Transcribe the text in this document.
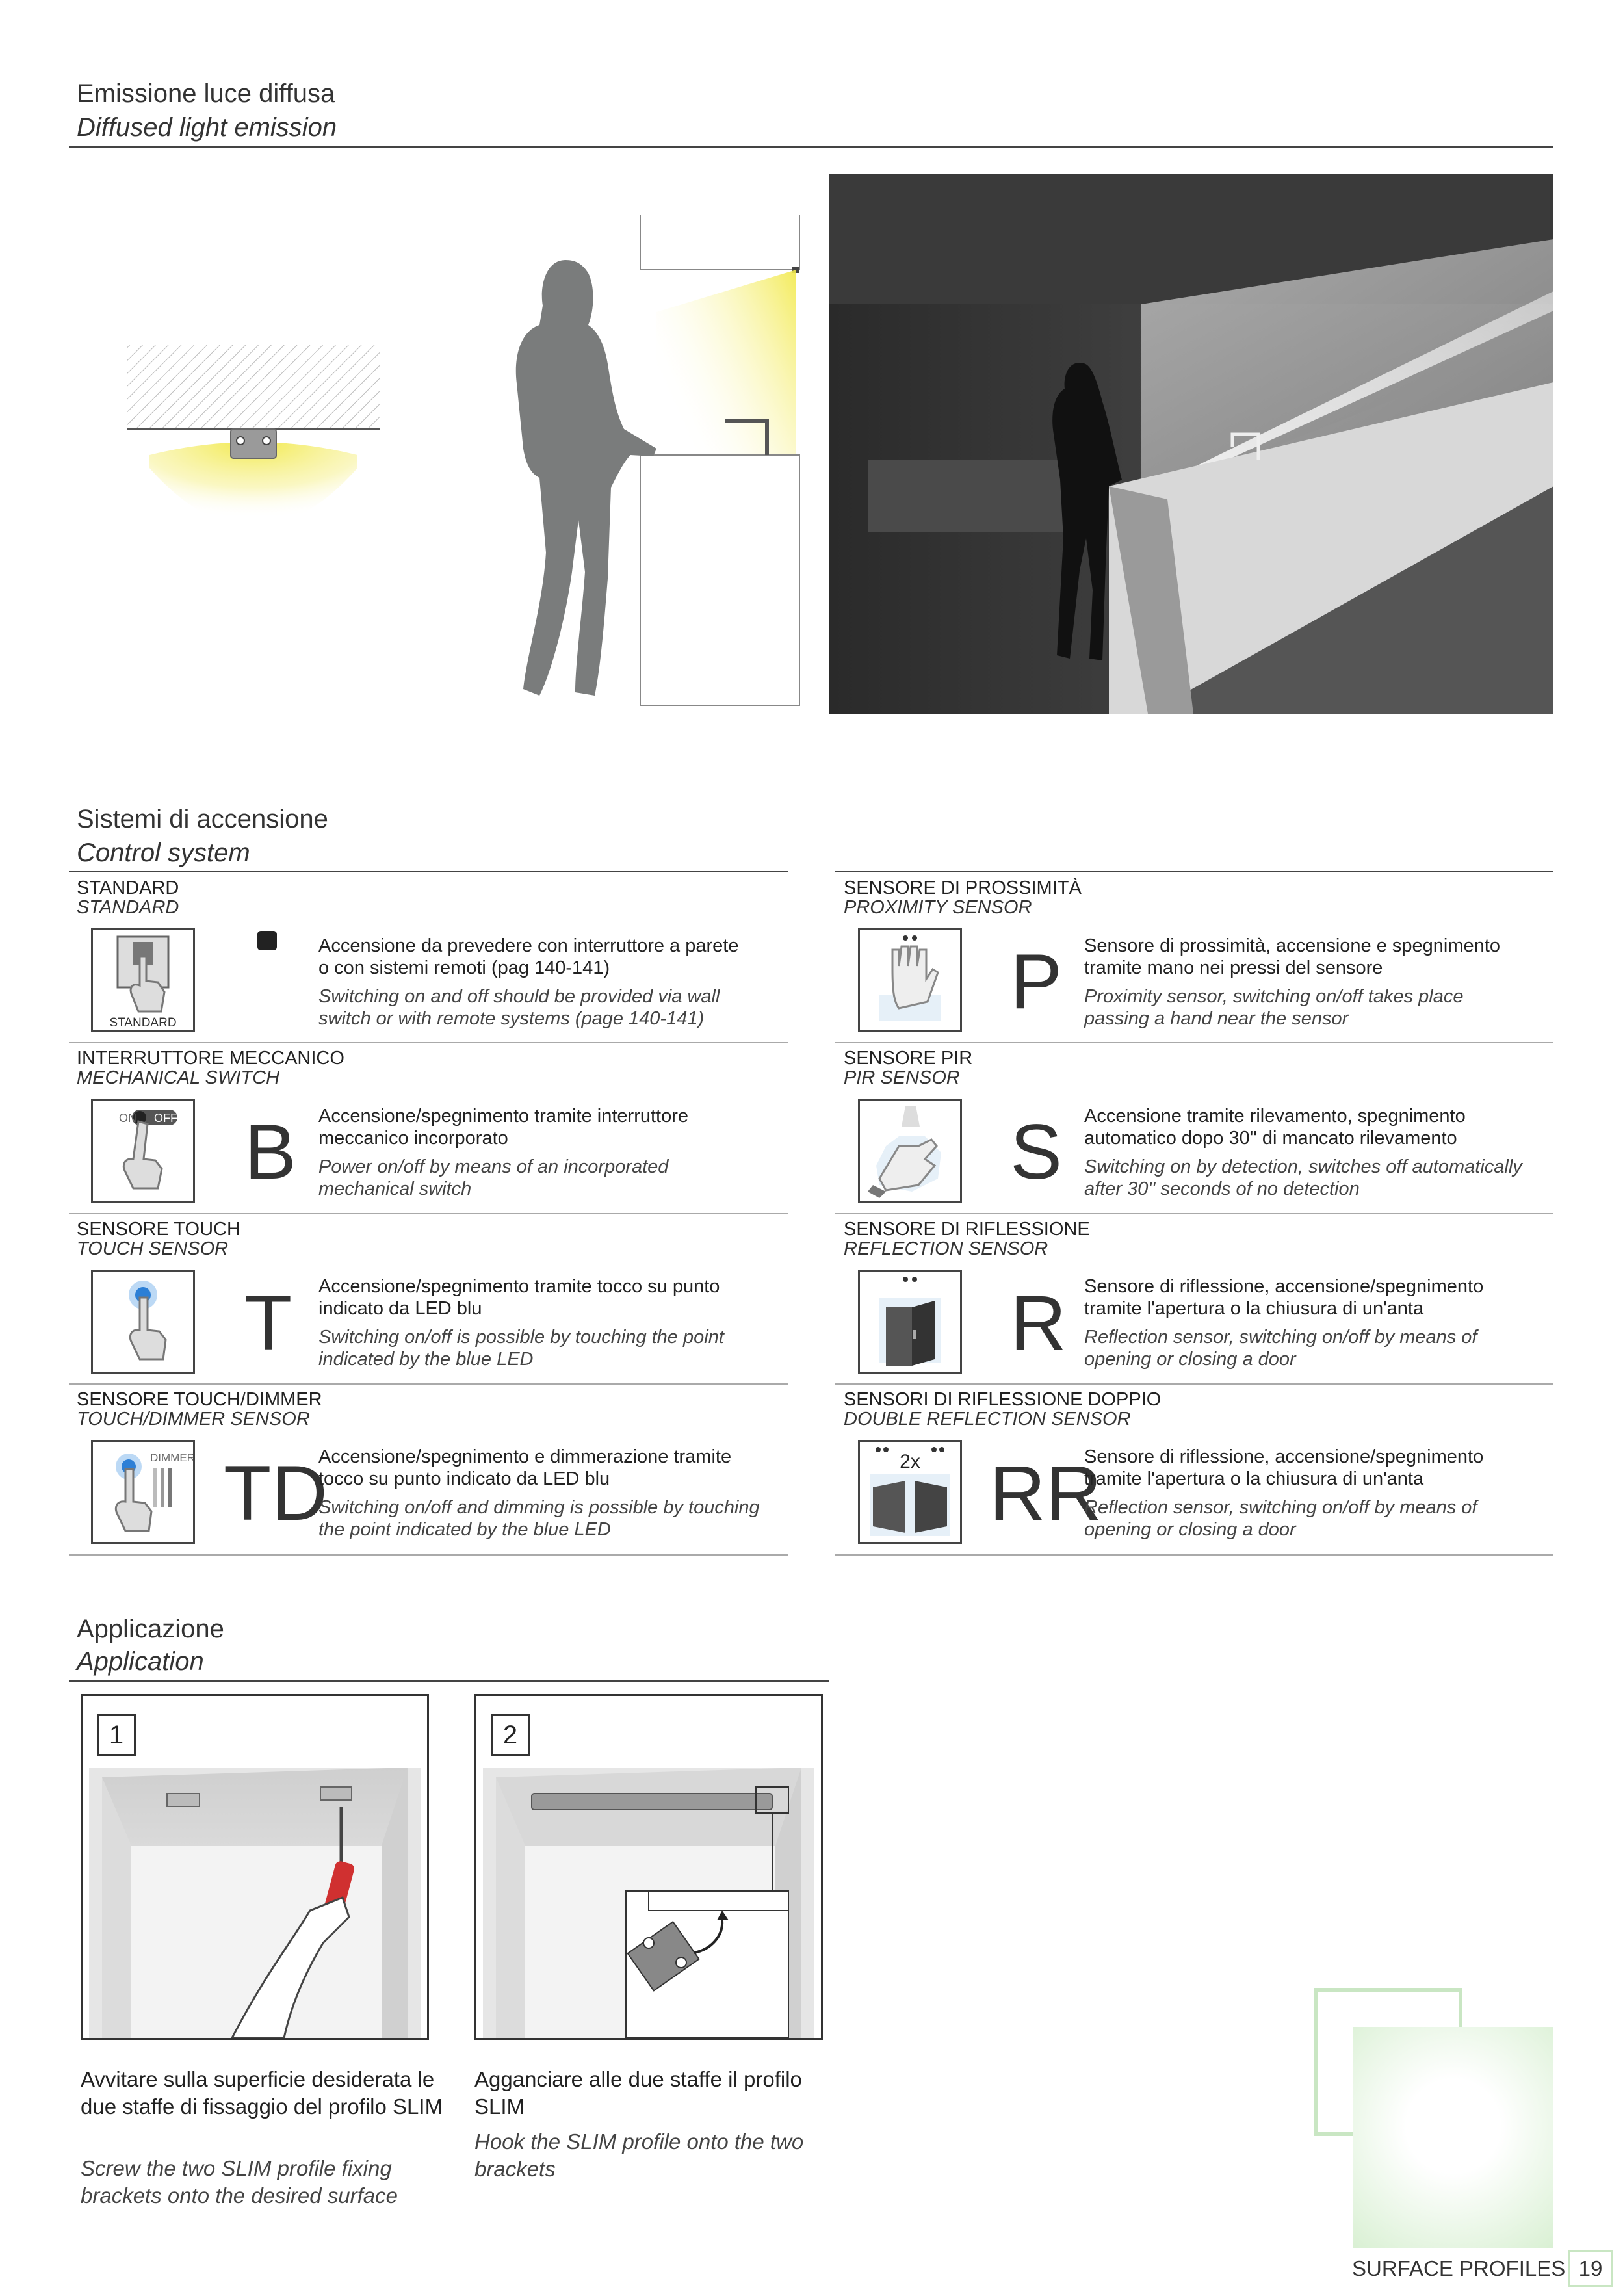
Emissione luce diffusa
Diffused light emission
Sistemi di accensione
Control system
STANDARD
STANDARD
STANDARD
Accensione da prevedere con interruttore a parete o con sistemi remoti (pag 140-141)
Switching on and off should be provided via wall switch or with remote systems (page 140-141)
INTERRUTTORE MECCANICO
MECHANICAL SWITCH
ON OFF B Accensione/spegnimento tramite interruttore meccanico incorporato
Power on/off by means of an incorporated mechanical switch
SENSORE TOUCH
TOUCH SENSOR
T Accensione/spegnimento tramite tocco su punto indicato da LED blu
Switching on/off is possible by touching the point indicated by the blue LED
SENSORE TOUCH/DIMMER
TOUCH/DIMMER SENSOR
DIMMER TD
Accensione/spegnimento e dimmerazione tramite tocco su punto indicato da LED blu
Switching on/off and dimming is possible by touching the point indicated by the blue LED
SENSORE DI PROSSIMITÀ
PROXIMITY SENSOR
P Sensore di prossimità, accensione e spegnimento tramite mano nei pressi del sensore
Proximity sensor, switching on/off takes place passing a hand near the sensor
SENSORE PIR
PIR SENSOR
S Accensione tramite rilevamento, spegnimento automatico dopo 30'' di mancato rilevamento
Switching on by detection, switches off automatically after 30'' seconds of no detection
SENSORE DI RIFLESSIONE
REFLECTION SENSOR
R Sensore di riflessione, accensione/spegnimento tramite l'apertura o la chiusura di un'anta
Reflection sensor, switching on/off by means of opening or closing a door
SENSORI DI RIFLESSIONE DOPPIO
DOUBLE REFLECTION SENSOR
2x RR
Sensore di riflessione, accensione/spegnimento tramite l'apertura o la chiusura di un'anta
Reflection sensor, switching on/off by means of opening or closing a door
Applicazione
Application
1	2
Avvitare sulla superficie desiderata le due staffe di fissaggio del profilo SLIM
Screw the two SLIM profile fixing brackets onto the desired surface
Agganciare alle due staffe il profilo SLIM
Hook the SLIM profile onto the two brackets
SURFACE PROFILES 19
